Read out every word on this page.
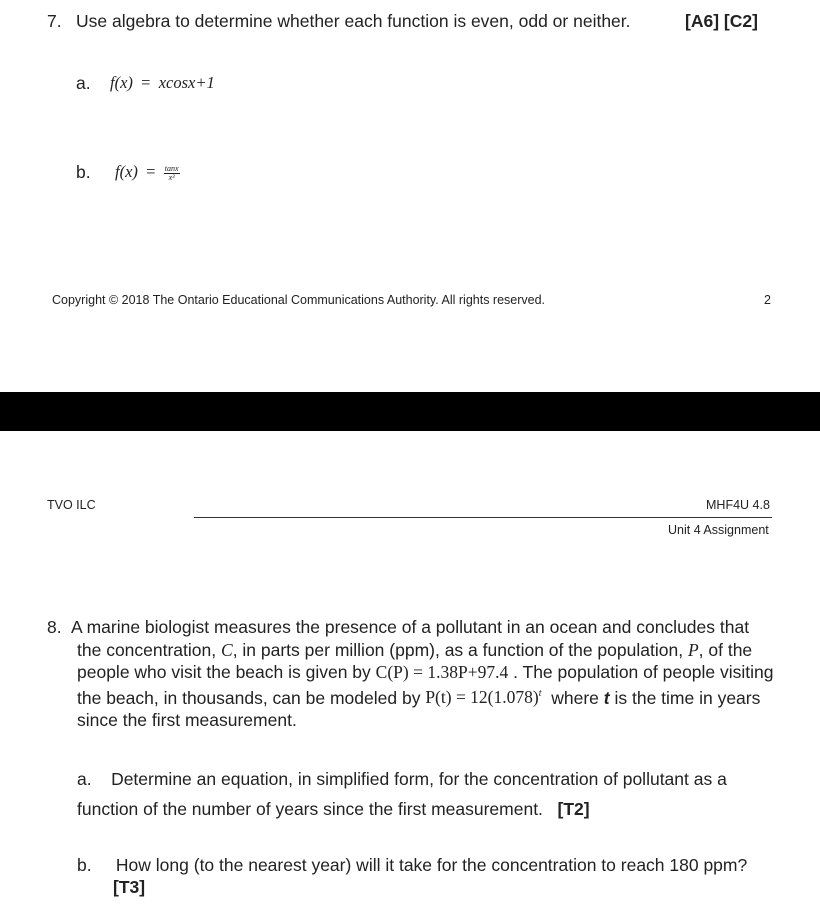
7. Use algebra to determine whether each function is even, odd or neither.	[A6] [C2]
a. f(x) = xcosx+1
b. $f(x) = \frac{\tan x}{\text{x³}}$
Copyright © 2018 The Ontario Educational Communications Authority. All rights reserved.	2
TVO ILC	MHF4U 4.8
Unit 4 Assignment
8. A marine biologist measures the presence of a pollutant in an ocean and concludes that the concentration, C, in parts per million (ppm), as a function of the population, P, of the people who visit the beach is given by C(P) = 1.38P+97.4 . The population of people visiting the beach, in thousands, can be modeled by $P(t) = 12(1.078)^t$ where t is the time in years since the first measurement.
a. Determine an equation, in simplified form, for the concentration of pollutant as a function of the number of years since the first measurement. [T2]
b. How long (to the nearest year) will it take for the concentration to reach 180 ppm?
[T3]
